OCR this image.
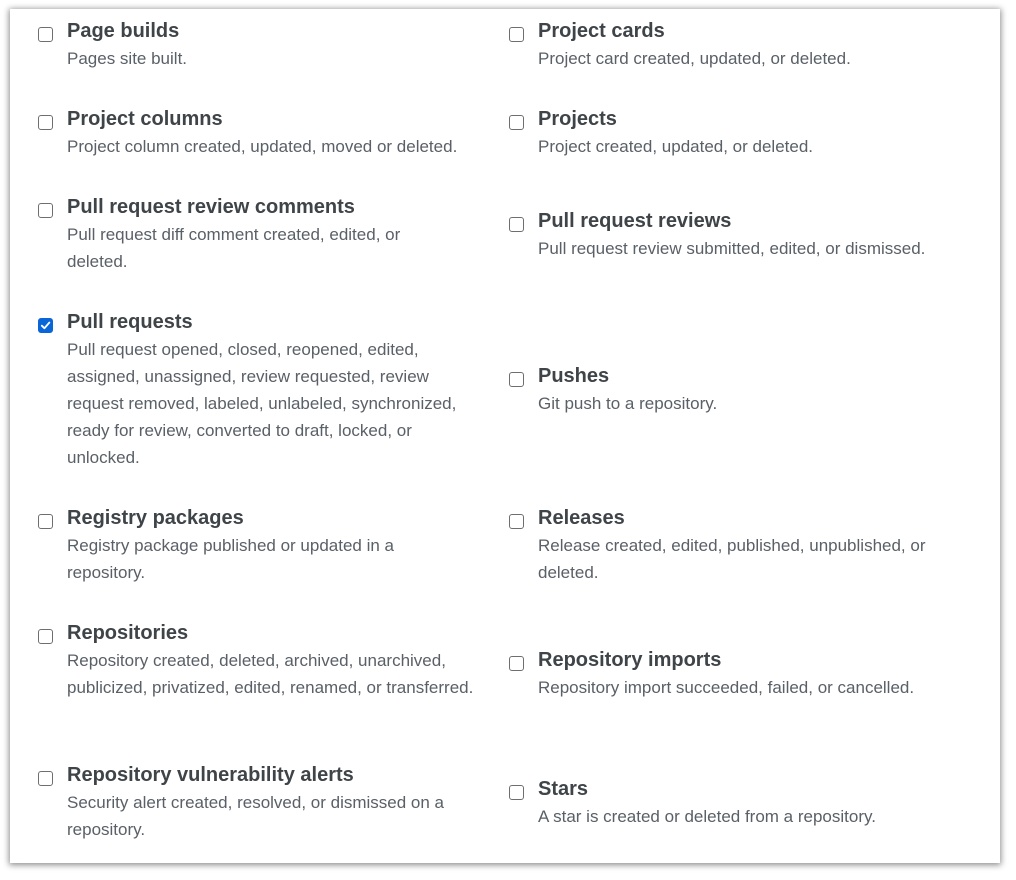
Page builds
Pages site built.
Project columns
Project column created, updated, moved or deleted.
Pull request review comments
Pull request diff comment created, edited, or deleted.
Pull requests
Pull request opened, closed, reopened, edited, assigned, unassigned, review requested, review request removed, labeled, unlabeled, synchronized, ready for review, converted to draft, locked, or unlocked.
Registry packages
Registry package published or updated in a repository.
Repositories
Repository created, deleted, archived, unarchived, publicized, privatized, edited, renamed, or transferred.
Repository vulnerability alerts
Security alert created, resolved, or dismissed on a repository.
Project cards
Project card created, updated, or deleted.
Projects
Project created, updated, or deleted.
Pull request reviews
Pull request review submitted, edited, or dismissed.
Pushes
Git push to a repository.
Releases
Release created, edited, published, unpublished, or deleted.
Repository imports
Repository import succeeded, failed, or cancelled.
Stars
A star is created or deleted from a repository.
